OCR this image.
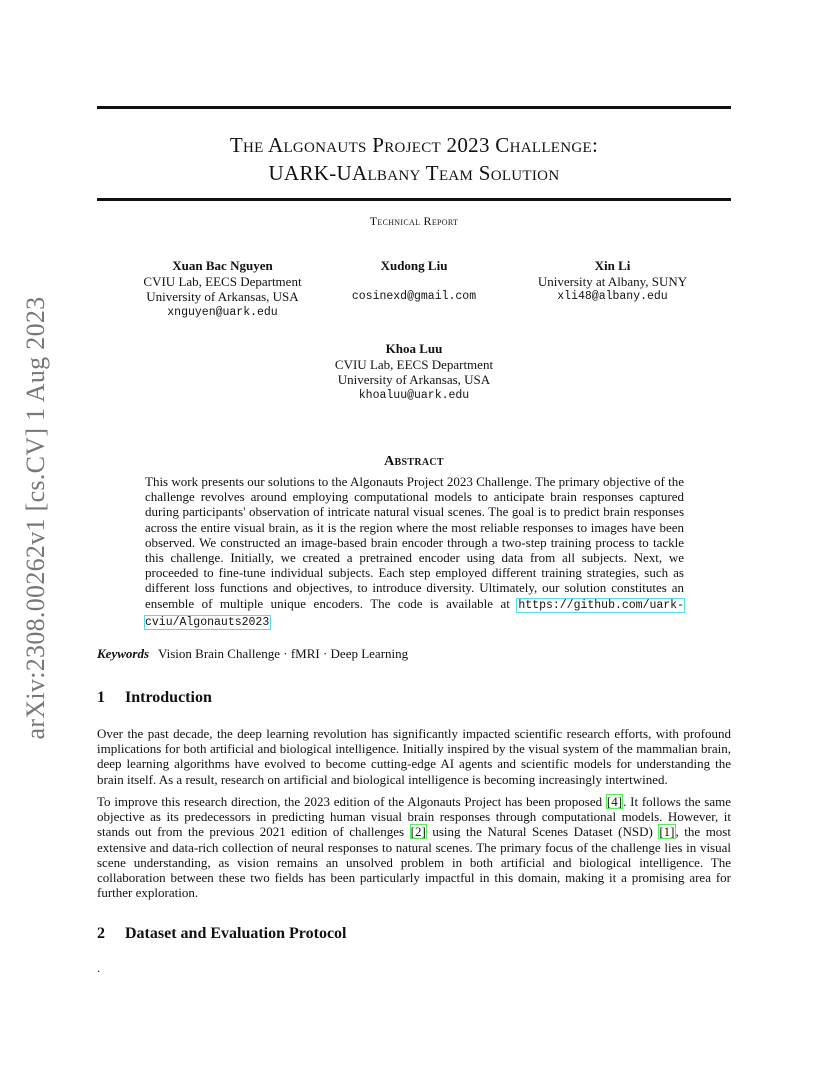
arXiv:2308.00262v1 [cs.CV] 1 Aug 2023
The Algonauts Project 2023 Challenge:
UARK-UAlbany Team Solution
Technical Report
Xuan Bac Nguyen
CVIU Lab, EECS Department
University of Arkansas, USA
xnguyen@uark.edu
Xudong Liu

cosinexd@gmail.com
Xin Li
University at Albany, SUNY
xli48@albany.edu
Khoa Luu
CVIU Lab, EECS Department
University of Arkansas, USA
khoaluu@uark.edu
Abstract
This work presents our solutions to the Algonauts Project 2023 Challenge. The primary objective of the challenge revolves around employing computational models to anticipate brain responses captured during participants' observation of intricate natural visual scenes. The goal is to predict brain responses across the entire visual brain, as it is the region where the most reliable responses to images have been observed. We constructed an image-based brain encoder through a two-step training process to tackle this challenge. Initially, we created a pretrained encoder using data from all subjects. Next, we proceeded to fine-tune individual subjects. Each step employed different training strategies, such as different loss functions and objectives, to introduce diversity. Ultimately, our solution constitutes an ensemble of multiple unique encoders. The code is available at https://github.com/uark-cviu/Algonauts2023
Keywords Vision Brain Challenge · fMRI · Deep Learning
1 Introduction
Over the past decade, the deep learning revolution has significantly impacted scientific research efforts, with profound implications for both artificial and biological intelligence. Initially inspired by the visual system of the mammalian brain, deep learning algorithms have evolved to become cutting-edge AI agents and scientific models for understanding the brain itself. As a result, research on artificial and biological intelligence is becoming increasingly intertwined.
To improve this research direction, the 2023 edition of the Algonauts Project has been proposed [4]. It follows the same objective as its predecessors in predicting human visual brain responses through computational models. However, it stands out from the previous 2021 edition of challenges [2] using the Natural Scenes Dataset (NSD) [1], the most extensive and data-rich collection of neural responses to natural scenes. The primary focus of the challenge lies in visual scene understanding, as vision remains an unsolved problem in both artificial and biological intelligence. The collaboration between these two fields has been particularly impactful in this domain, making it a promising area for further exploration.
2 Dataset and Evaluation Protocol
.
